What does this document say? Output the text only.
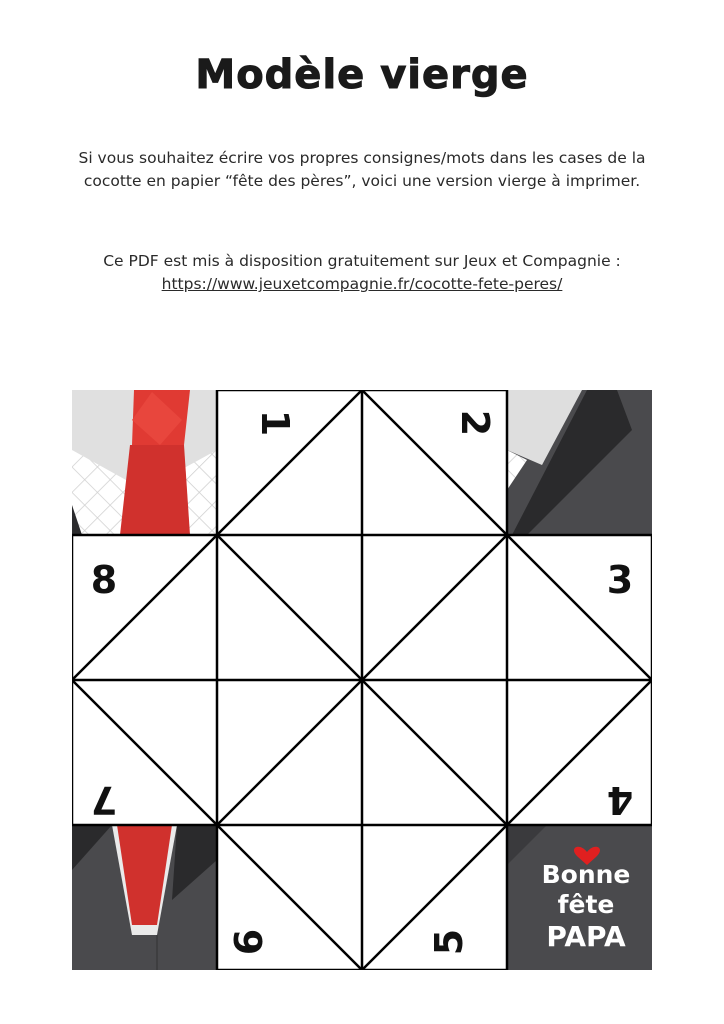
Modèle vierge
Si vous souhaitez écrire vos propres consignes/mots dans les cases de la
cocotte en papier “fête des pères”, voici une version vierge à imprimer.
Ce PDF est mis à disposition gratuitement sur Jeux et Compagnie :
https://www.jeuxetcompagnie.fr/cocotte-fete-peres/
Bonne
fête
PAPA
1	2
3
4
5
6
7
8
